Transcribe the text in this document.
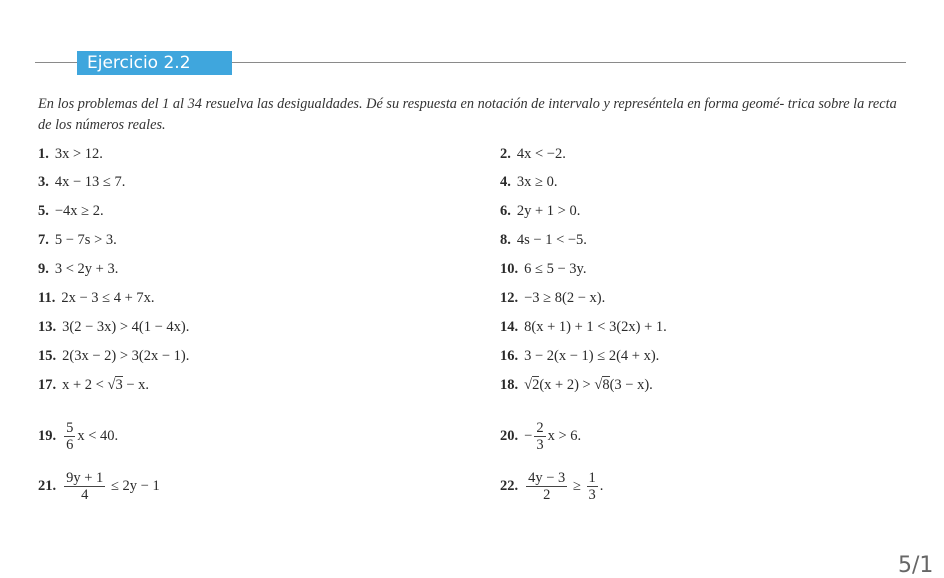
Ejercicio 2.2
En los problemas del 1 al 34 resuelva las desigualdades. Dé su respuesta en notación de intervalo y represéntela en forma geomé- trica sobre la recta de los números reales.
1. 3x > 12.	2. 4x < −2.
3. 4x − 13 ≤ 7.	4. 3x ≥ 0.
5. −4x ≥ 2.	6. 2y + 1 > 0.
7. 5 − 7s > 3.	8. 4s − 1 < −5.
9. 3 < 2y + 3.	10. 6 ≤ 5 − 3y.
11. 2x − 3 ≤ 4 + 7x.	12. −3 ≥ 8(2 − x).
13. 3(2 − 3x) > 4(1 − 4x).	14. 8(x + 1) + 1 < 3(2x) + 1.
15. 2(3x − 2) > 3(2x − 1).	16. 3 − 2(x − 1) ≤ 2(4 + x).
17. x + 2 < √3 − x.	18. √2 (x + 2) > √8 (3 − x).
19. $\frac{5}{6}$ x < 40.	20. − $\frac{2}{3}$ x > 6.
21. $\frac{9y + 1}{4} \le 2y - 1$	22. $\frac{4y - 3}{2} \ge \frac{1}{3}$ .
5/1
